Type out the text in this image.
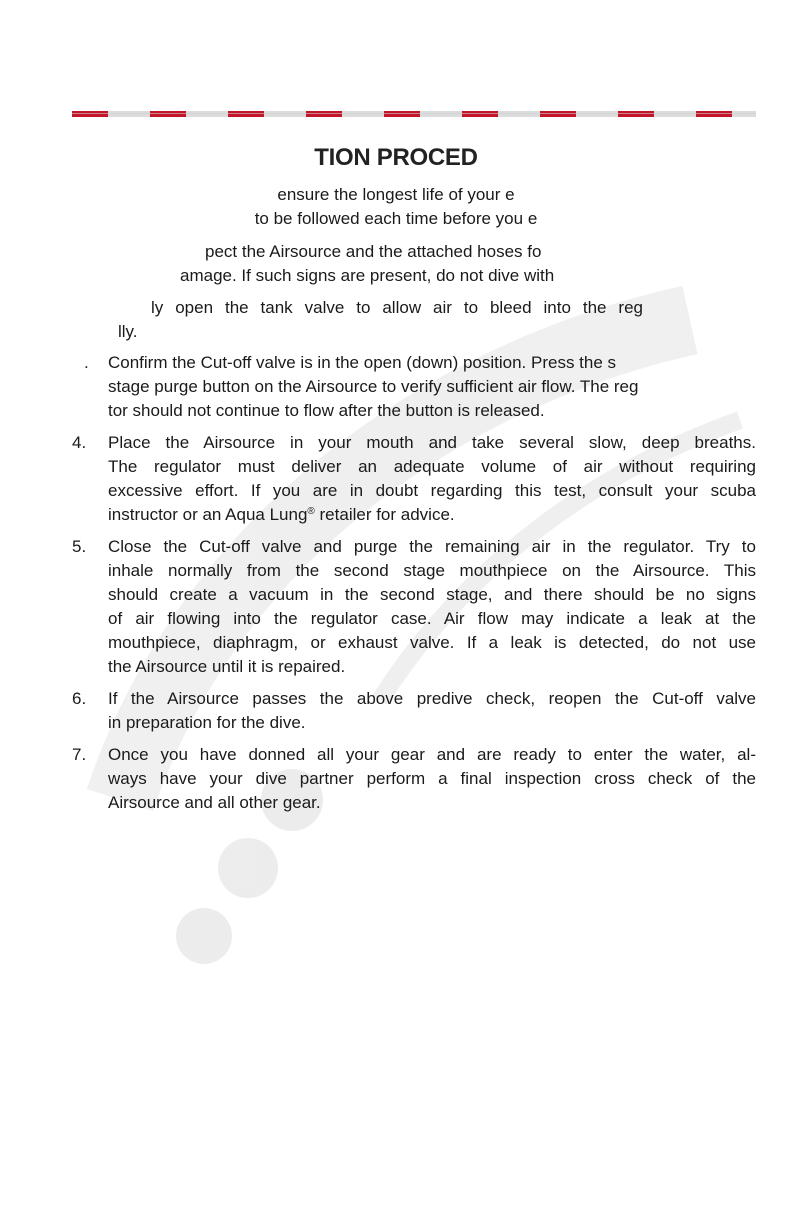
TION PROCED
ensure the longest life of your e
to be followed each time before you e
pect the Airsource and the attached hoses fo
amage. If such signs are present, do not dive with
ly open the tank valve to allow air to bleed into the reg
lly.
.	Confirm the Cut-off valve is in the open (down) position. Press the s
stage purge button on the Airsource to verify sufficient air flow. The reg
tor should not continue to flow after the button is released.
4.	Place the Airsource in your mouth and take several slow, deep breaths.
The regulator must deliver an adequate volume of air without requiring
excessive effort. If you are in doubt regarding this test, consult your scuba
instructor or an Aqua Lung® retailer for advice.
5.	Close the Cut-off valve and purge the remaining air in the regulator. Try to
inhale normally from the second stage mouthpiece on the Airsource. This
should create a vacuum in the second stage, and there should be no signs
of air flowing into the regulator case. Air flow may indicate a leak at the
mouthpiece, diaphragm, or exhaust valve. If a leak is detected, do not use
the Airsource until it is repaired.
6.	If the Airsource passes the above predive check, reopen the Cut-off valve
in preparation for the dive.
7.	Once you have donned all your gear and are ready to enter the water, al-
ways have your dive partner perform a final inspection cross check of the
Airsource and all other gear.
